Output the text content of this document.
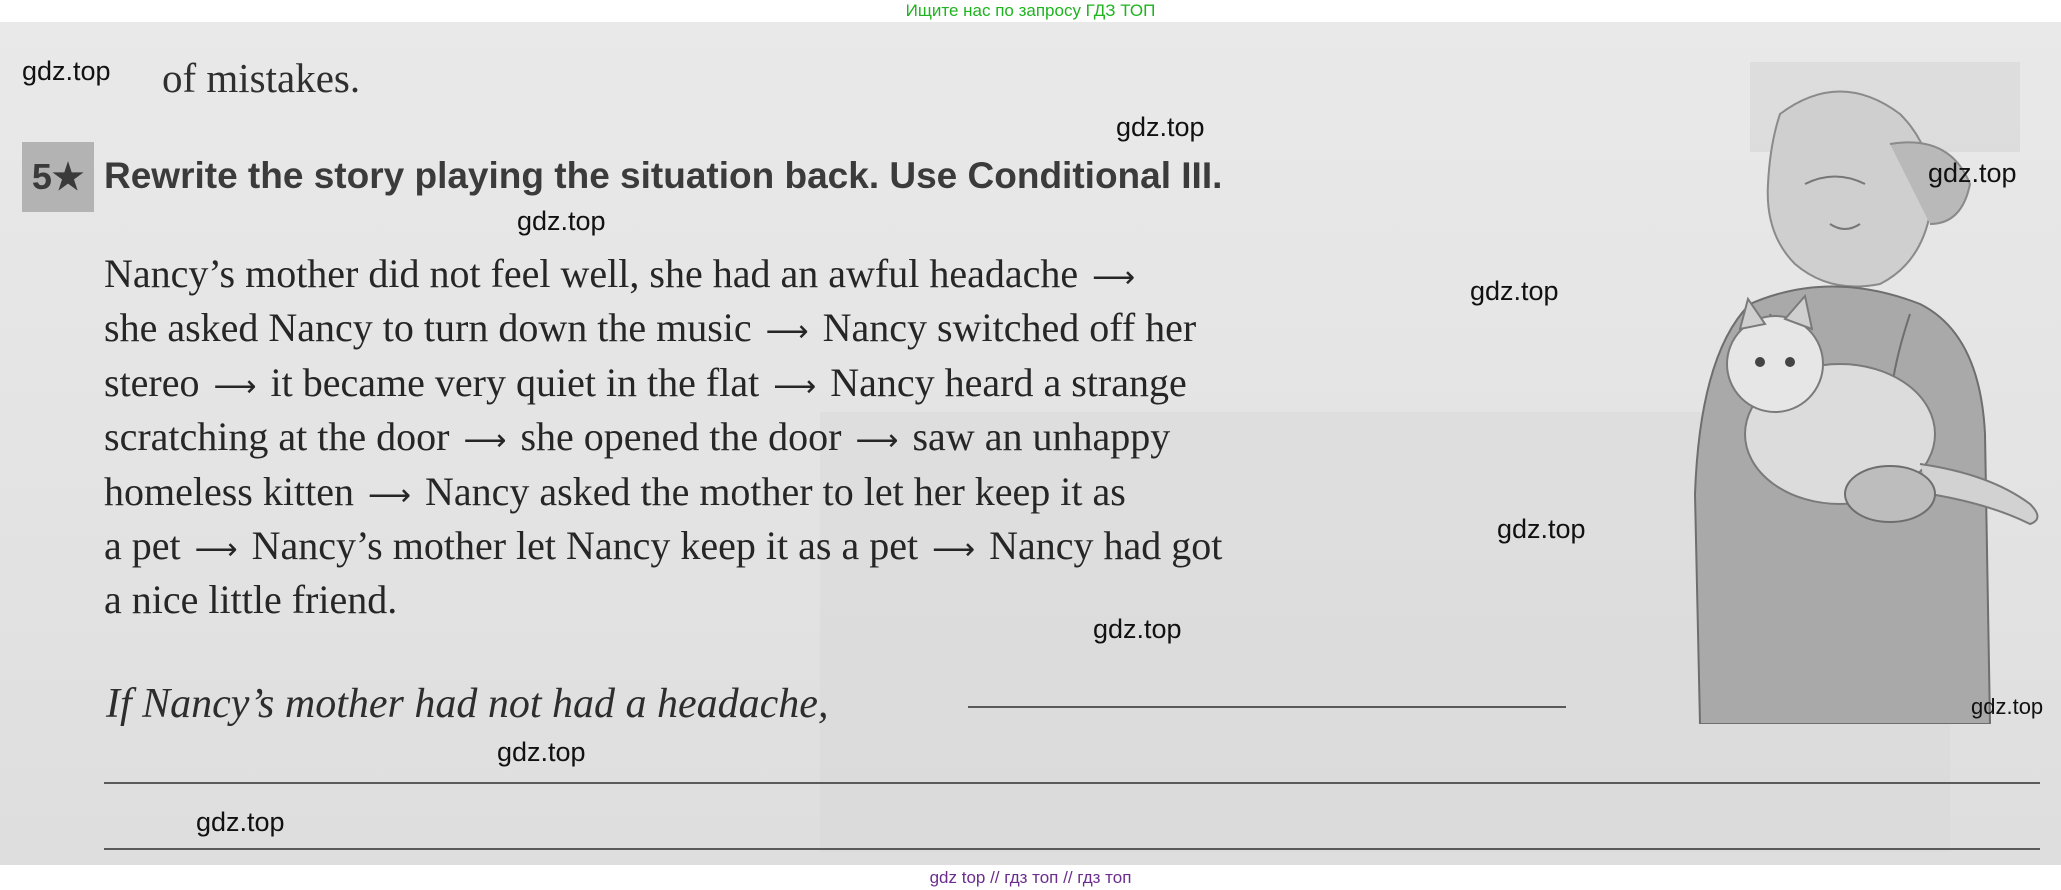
Ищите нас по запросу ГДЗ ТОП
of mistakes.
5★ Rewrite the story playing the situation back. Use Conditional III.
Nancy’s mother did not feel well, she had an awful headache ⟶
she asked Nancy to turn down the music ⟶ Nancy switched off her
stereo ⟶ it became very quiet in the flat ⟶ Nancy heard a strange
scratching at the door ⟶ she opened the door ⟶ saw an unhappy
homeless kitten ⟶ Nancy asked the mother to let her keep it as
a pet ⟶ Nancy’s mother let Nancy keep it as a pet ⟶ Nancy had got
a nice little friend.
If Nancy’s mother had not had a headache,
gdz.top
gdz.top
gdz.top
gdz.top
gdz.top
gdz.top
gdz.top
gdz.top
gdz.top
gdz.top
gdz top // гдз топ // гдз топ
